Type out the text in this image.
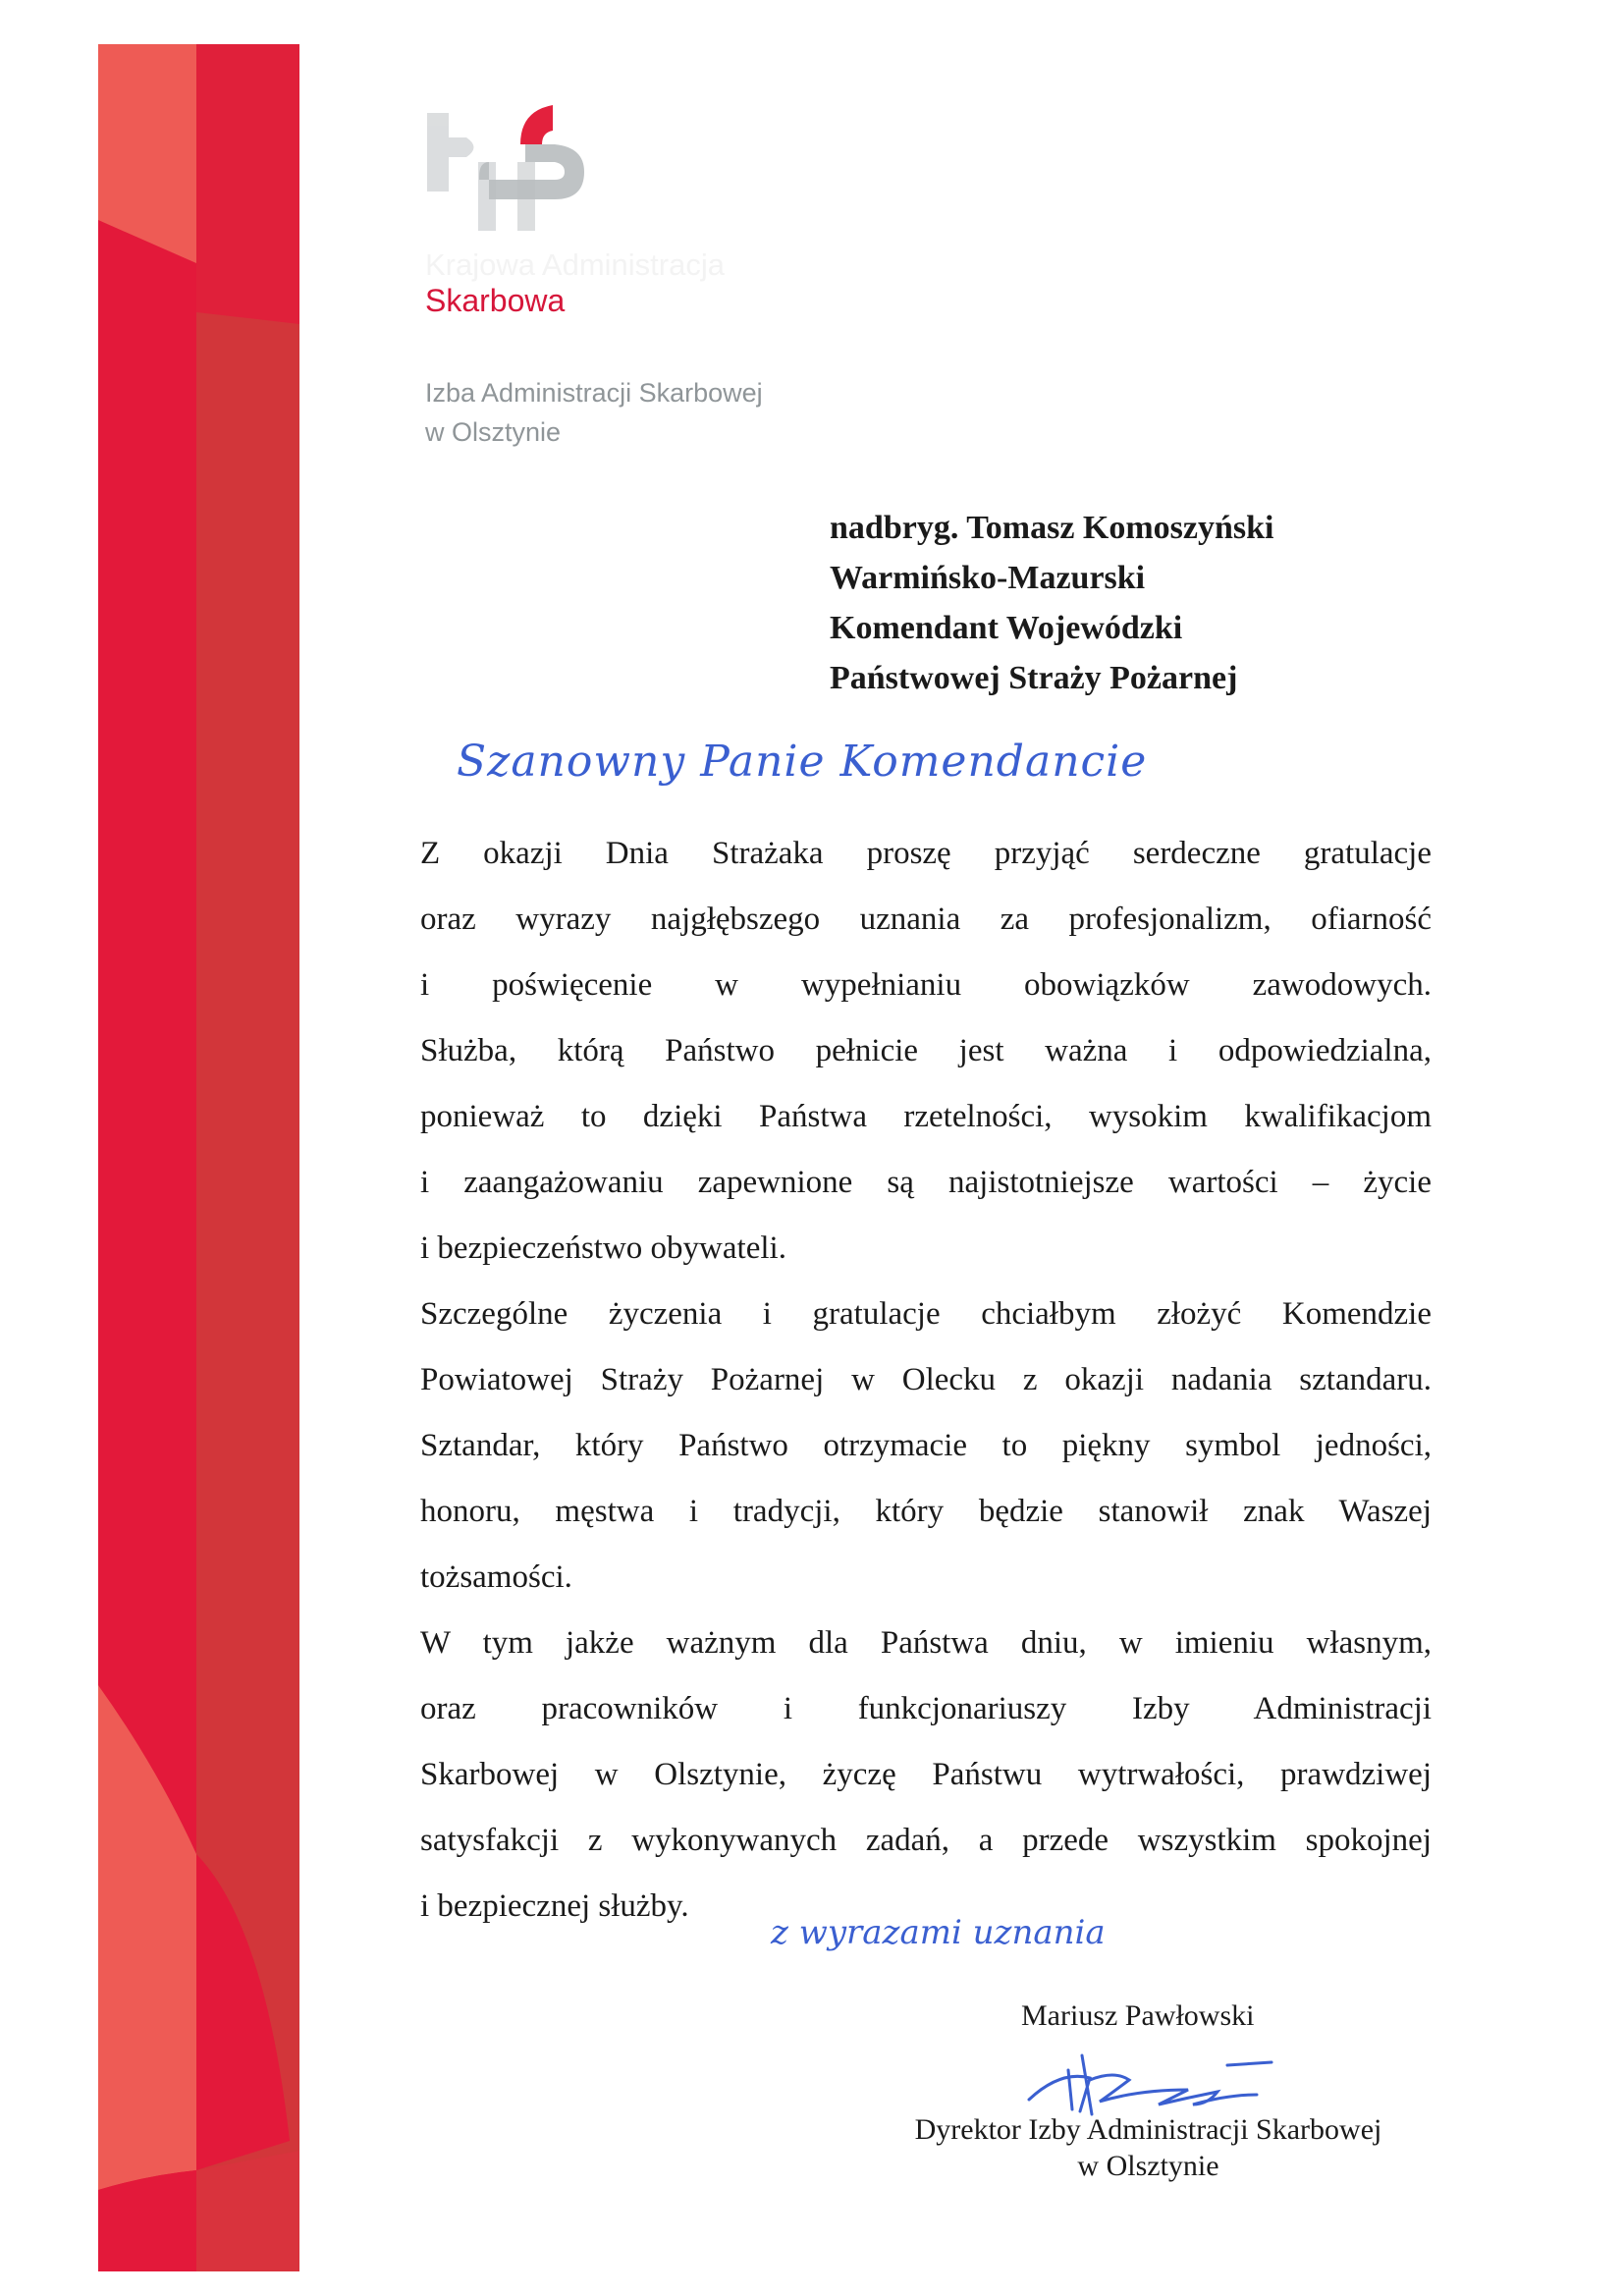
Krajowa Administracja
Skarbowa
Izba Administracji Skarbowej
w Olsztynie
nadbryg. Tomasz Komoszyński
Warmińsko-Mazurski
Komendant Wojewódzki
Państwowej Straży Pożarnej
Szanowny Panie Komendancie
Z okazji Dnia Strażaka proszę przyjąć serdeczne gratulacje
oraz wyrazy najgłębszego uznania za profesjonalizm, ofiarność
i poświęcenie w wypełnianiu obowiązków zawodowych.
Służba, którą Państwo pełnicie jest ważna i odpowiedzialna,
ponieważ to dzięki Państwa rzetelności, wysokim kwalifikacjom
i zaangażowaniu zapewnione są najistotniejsze wartości – życie
i bezpieczeństwo obywateli.
Szczególne życzenia i gratulacje chciałbym złożyć Komendzie
Powiatowej Straży Pożarnej w Olecku z okazji nadania sztandaru.
Sztandar, który Państwo otrzymacie to piękny symbol jedności,
honoru, męstwa i tradycji, który będzie stanowił znak Waszej
tożsamości.
W tym jakże ważnym dla Państwa dniu, w imieniu własnym,
oraz pracowników i funkcjonariuszy Izby Administracji
Skarbowej w Olsztynie, życzę Państwu wytrwałości, prawdziwej
satysfakcji z wykonywanych zadań, a przede wszystkim spokojnej
i bezpiecznej służby.
z wyrazami uznania
Mariusz Pawłowski
Dyrektor Izby Administracji Skarbowej
w Olsztynie
